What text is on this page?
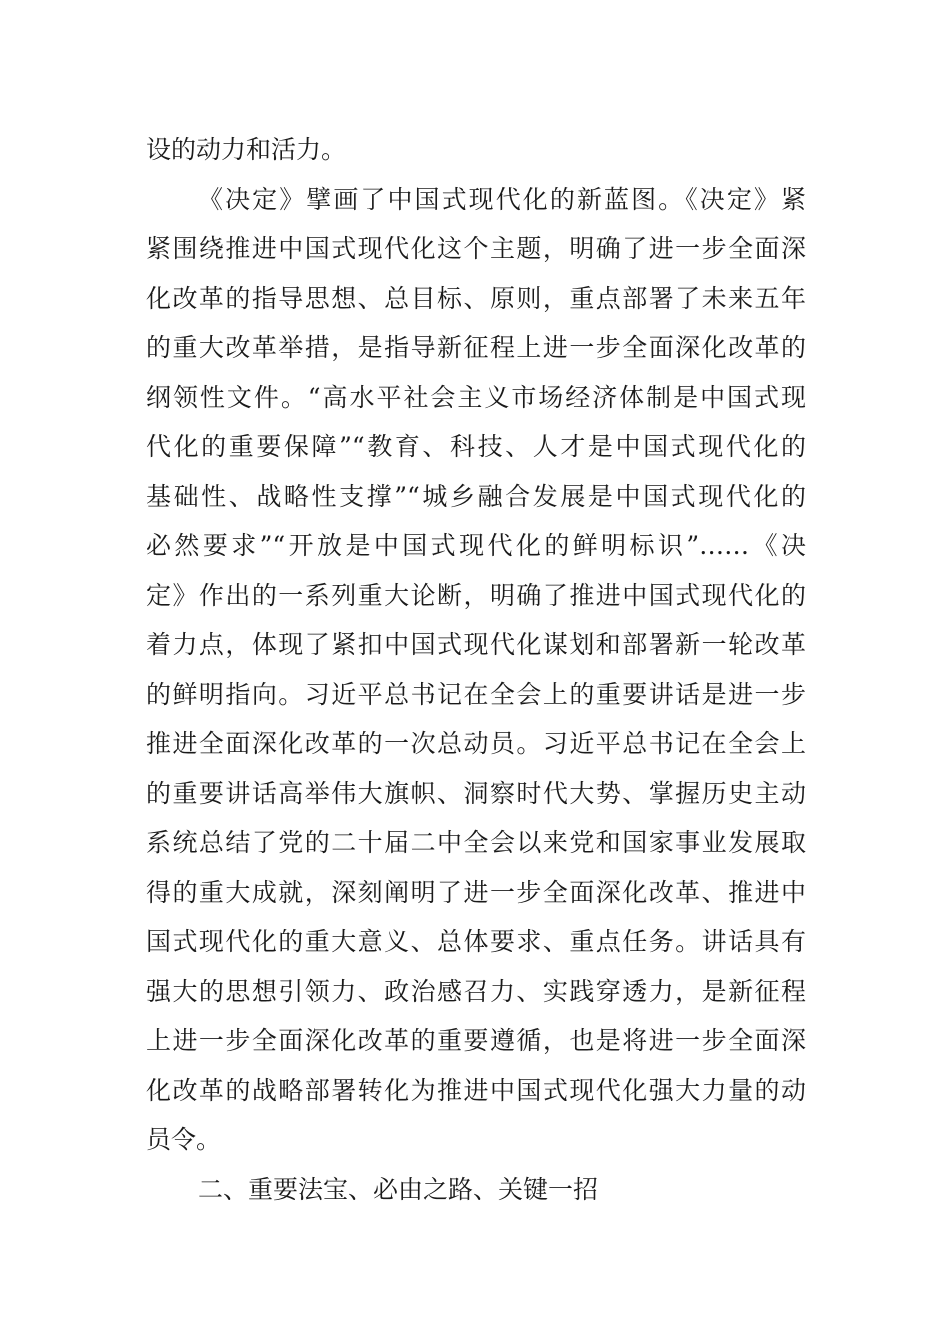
设的动力和活力。
《决定》擘画了中国式现代化的新蓝图。《决定》紧
紧围绕推进中国式现代化这个主题，明确了进一步全面深
化改革的指导思想、总目标、原则，重点部署了未来五年
的重大改革举措，是指导新征程上进一步全面深化改革的
纲领性文件。“高水平社会主义市场经济体制是中国式现
代化的重要保障”“教育、科技、人才是中国式现代化的
基础性、战略性支撑”“城乡融合发展是中国式现代化的
必然要求”“开放是中国式现代化的鲜明标识”……《决
定》作出的一系列重大论断，明确了推进中国式现代化的
着力点，体现了紧扣中国式现代化谋划和部署新一轮改革
的鲜明指向。习近平总书记在全会上的重要讲话是进一步
推进全面深化改革的一次总动员。习近平总书记在全会上
的重要讲话高举伟大旗帜、洞察时代大势、掌握历史主动
系统总结了党的二十届二中全会以来党和国家事业发展取
得的重大成就，深刻阐明了进一步全面深化改革、推进中
国式现代化的重大意义、总体要求、重点任务。讲话具有
强大的思想引领力、政治感召力、实践穿透力，是新征程
上进一步全面深化改革的重要遵循，也是将进一步全面深
化改革的战略部署转化为推进中国式现代化强大力量的动
员令。
二、重要法宝、必由之路、关键一招
